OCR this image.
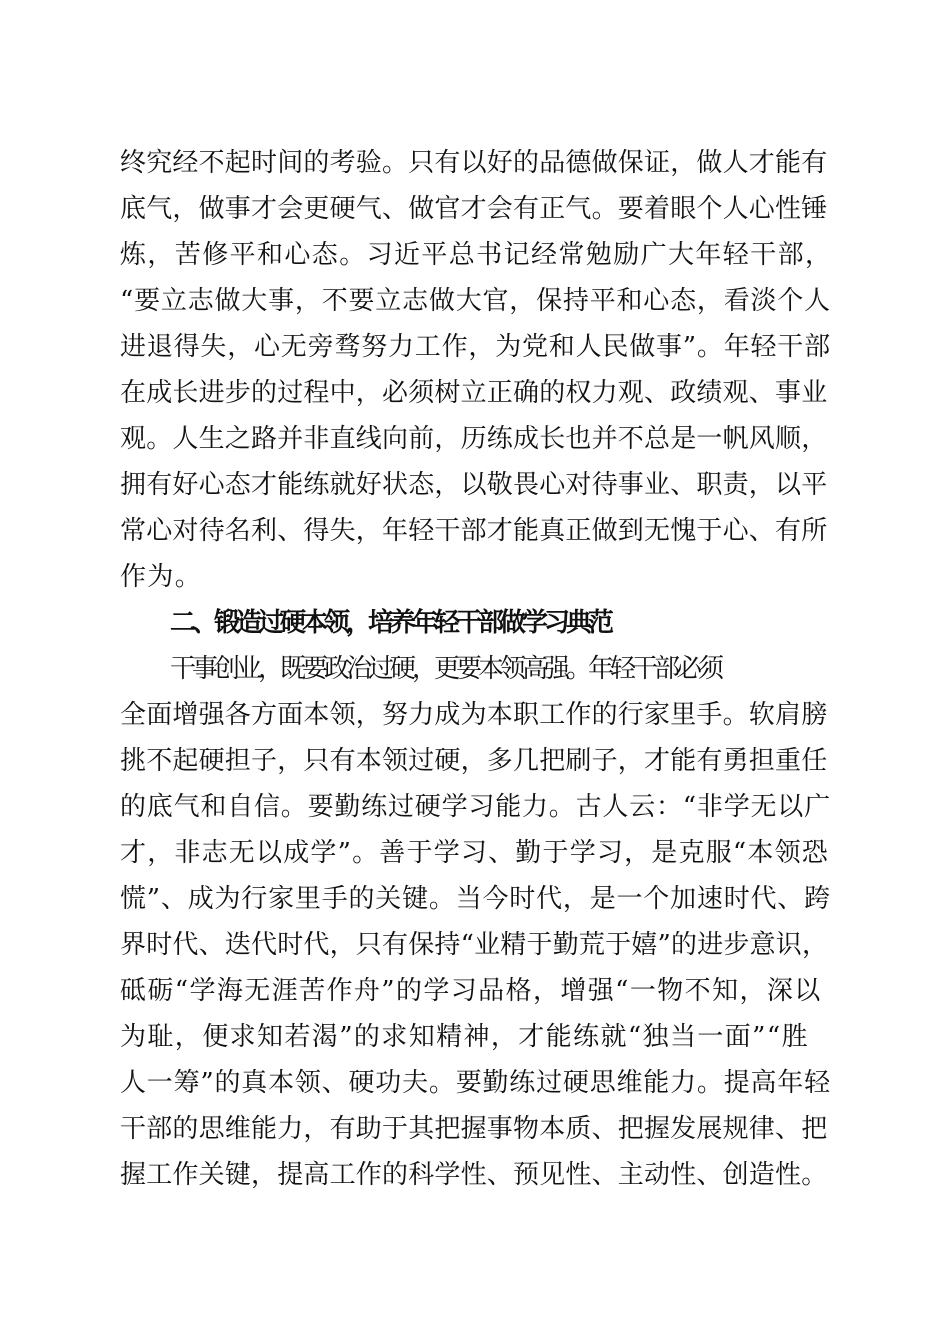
终究经不起时间的考验。只有以好的品德做保证，做人才能有
底气，做事才会更硬气、做官才会有正气。要着眼个人心性锤
炼，苦修平和心态。习近平总书记经常勉励广大年轻干部，
“要立志做大事，不要立志做大官，保持平和心态，看淡个人
进退得失，心无旁骛努力工作，为党和人民做事”。年轻干部
在成长进步的过程中，必须树立正确的权力观、政绩观、事业
观。人生之路并非直线向前，历练成长也并不总是一帆风顺，
拥有好心态才能练就好状态，以敬畏心对待事业、职责，以平
常心对待名利、得失，年轻干部才能真正做到无愧于心、有所
作为。
二、锻造过硬本领，培养年轻干部做学习典范
干事创业，既要政治过硬，更要本领高强。年轻干部必须
全面增强各方面本领，努力成为本职工作的行家里手。软肩膀
挑不起硬担子，只有本领过硬，多几把刷子，才能有勇担重任
的底气和自信。要勤练过硬学习能力。古人云：“非学无以广
才，非志无以成学”。善于学习、勤于学习，是克服“本领恐
慌”、成为行家里手的关键。当今时代，是一个加速时代、跨
界时代、迭代时代，只有保持“业精于勤荒于嬉”的进步意识，
砥砺“学海无涯苦作舟”的学习品格，增强“一物不知，深以
为耻，便求知若渴”的求知精神，才能练就“独当一面”“胜
人一筹”的真本领、硬功夫。要勤练过硬思维能力。提高年轻
干部的思维能力，有助于其把握事物本质、把握发展规律、把
握工作关键，提高工作的科学性、预见性、主动性、创造性。
